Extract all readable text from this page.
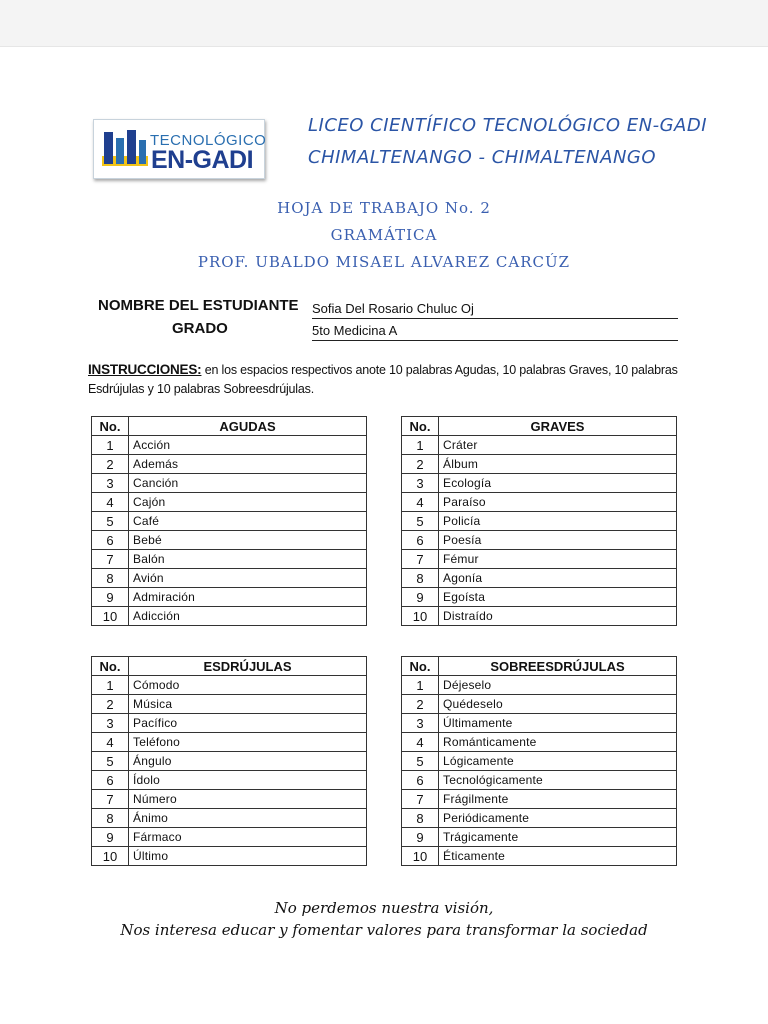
TECNOLÓGICO
EN-GADI
LICEO CIENTÍFICO TECNOLÓGICO EN-GADI
CHIMALTENANGO - CHIMALTENANGO
HOJA DE TRABAJO No. 2
GRAMÁTICA
PROF. UBALDO MISAEL ALVAREZ CARCÚZ
NOMBRE DEL ESTUDIANTE Sofia Del Rosario Chuluc Oj
GRADO	5to Medicina A
INSTRUCCIONES: en los espacios respectivos anote 10 palabras Agudas, 10 palabras Graves, 10 palabras Esdrújulas y 10 palabras Sobreesdrújulas.
No.	AGUDAS
1	Acción
2	Además
3	Canción
4	Cajón
5	Café
6	Bebé
7	Balón
8	Avión
9	Admiración
10	Adicción
No.	GRAVES
1	Cráter
2	Álbum
3	Ecología
4	Paraíso
5	Policía
6	Poesía
7	Fémur
8	Agonía
9	Egoísta
10	Distraído
No.	ESDRÚJULAS
1	Cómodo
2	Música
3	Pacífico
4	Teléfono
5	Ángulo
6	Ídolo
7	Número
8	Ánimo
9	Fármaco
10	Último
No.	SOBREESDRÚJULAS
1	Déjeselo
2	Quédeselo
3	Últimamente
4	Románticamente
5	Lógicamente
6	Tecnológicamente
7	Frágilmente
8	Periódicamente
9	Trágicamente
10	Éticamente
No perdemos nuestra visión,
Nos interesa educar y fomentar valores para transformar la sociedad
